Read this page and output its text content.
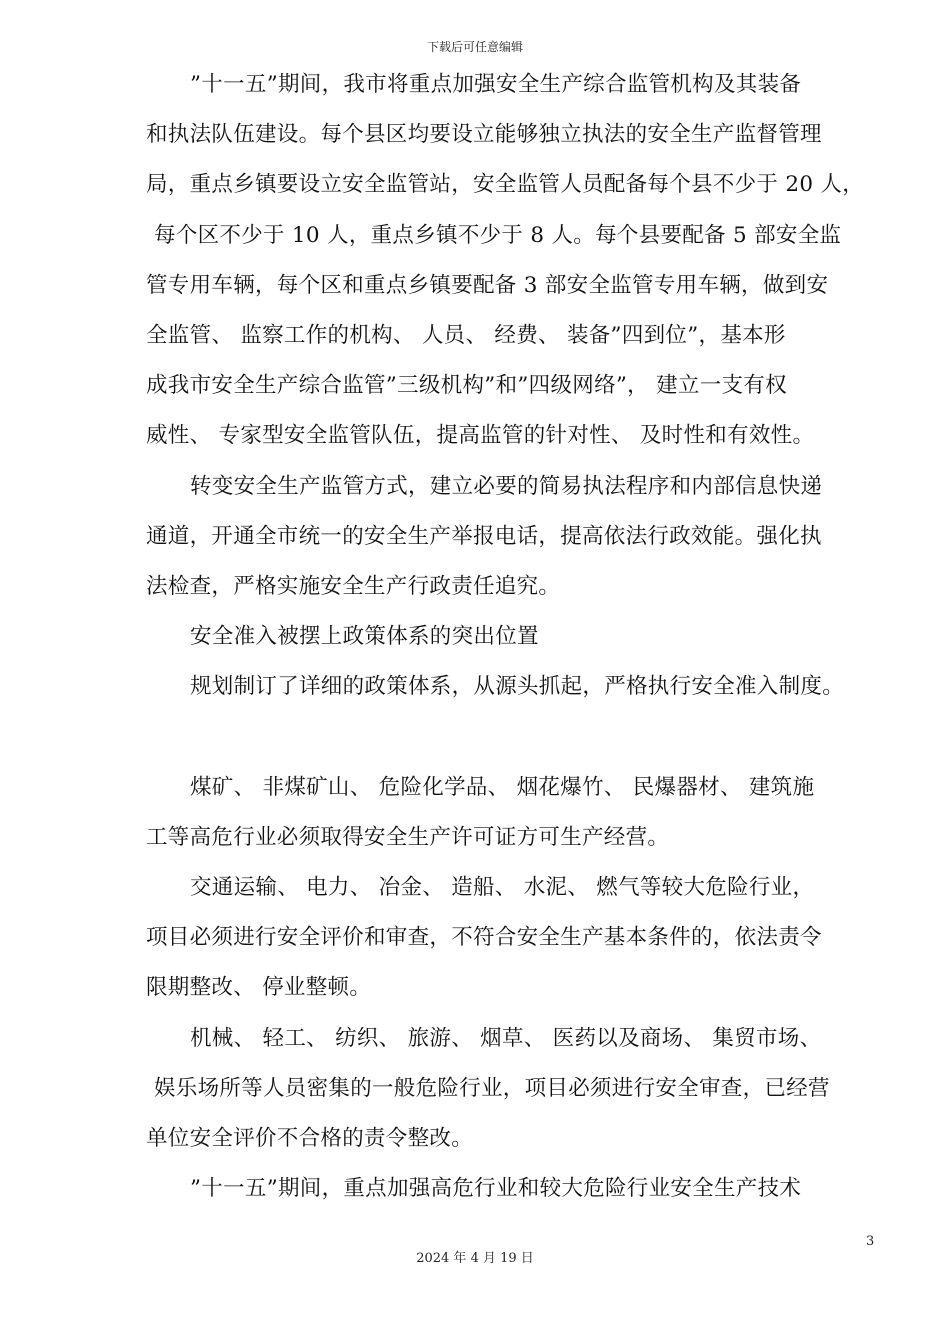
下载后可任意编辑
”十一五”期间，我市将重点加强安全生产综合监管机构及其装备
和执法队伍建设。每个县区均要设立能够独立执法的安全生产监督管理
局，重点乡镇要设立安全监管站，安全监管人员配备每个县不少于 20 人，
每个区不少于 10 人，重点乡镇不少于 8 人。每个县要配备 5 部安全监
管专用车辆，每个区和重点乡镇要配备 3 部安全监管专用车辆，做到安
全监管、 监察工作的机构、 人员、 经费、 装备”四到位”，基本形
成我市安全生产综合监管”三级机构”和”四级网络”， 建立一支有权
威性、 专家型安全监管队伍，提高监管的针对性、 及时性和有效性。
转变安全生产监管方式，建立必要的简易执法程序和内部信息快递
通道，开通全市统一的安全生产举报电话，提高依法行政效能。强化执
法检查，严格实施安全生产行政责任追究。
安全准入被摆上政策体系的突出位置
规划制订了详细的政策体系，从源头抓起，严格执行安全准入制度。
煤矿、 非煤矿山、 危险化学品、 烟花爆竹、 民爆器材、 建筑施
工等高危行业必须取得安全生产许可证方可生产经营。
交通运输、 电力、 冶金、 造船、 水泥、 燃气等较大危险行业，
项目必须进行安全评价和审查，不符合安全生产基本条件的，依法责令
限期整改、 停业整顿。
机械、 轻工、 纺织、 旅游、 烟草、 医药以及商场、 集贸市场、
娱乐场所等人员密集的一般危险行业，项目必须进行安全审查，已经营
单位安全评价不合格的责令整改。
”十一五”期间，重点加强高危行业和较大危险行业安全生产技术
3
2024 年 4 月 19 日
